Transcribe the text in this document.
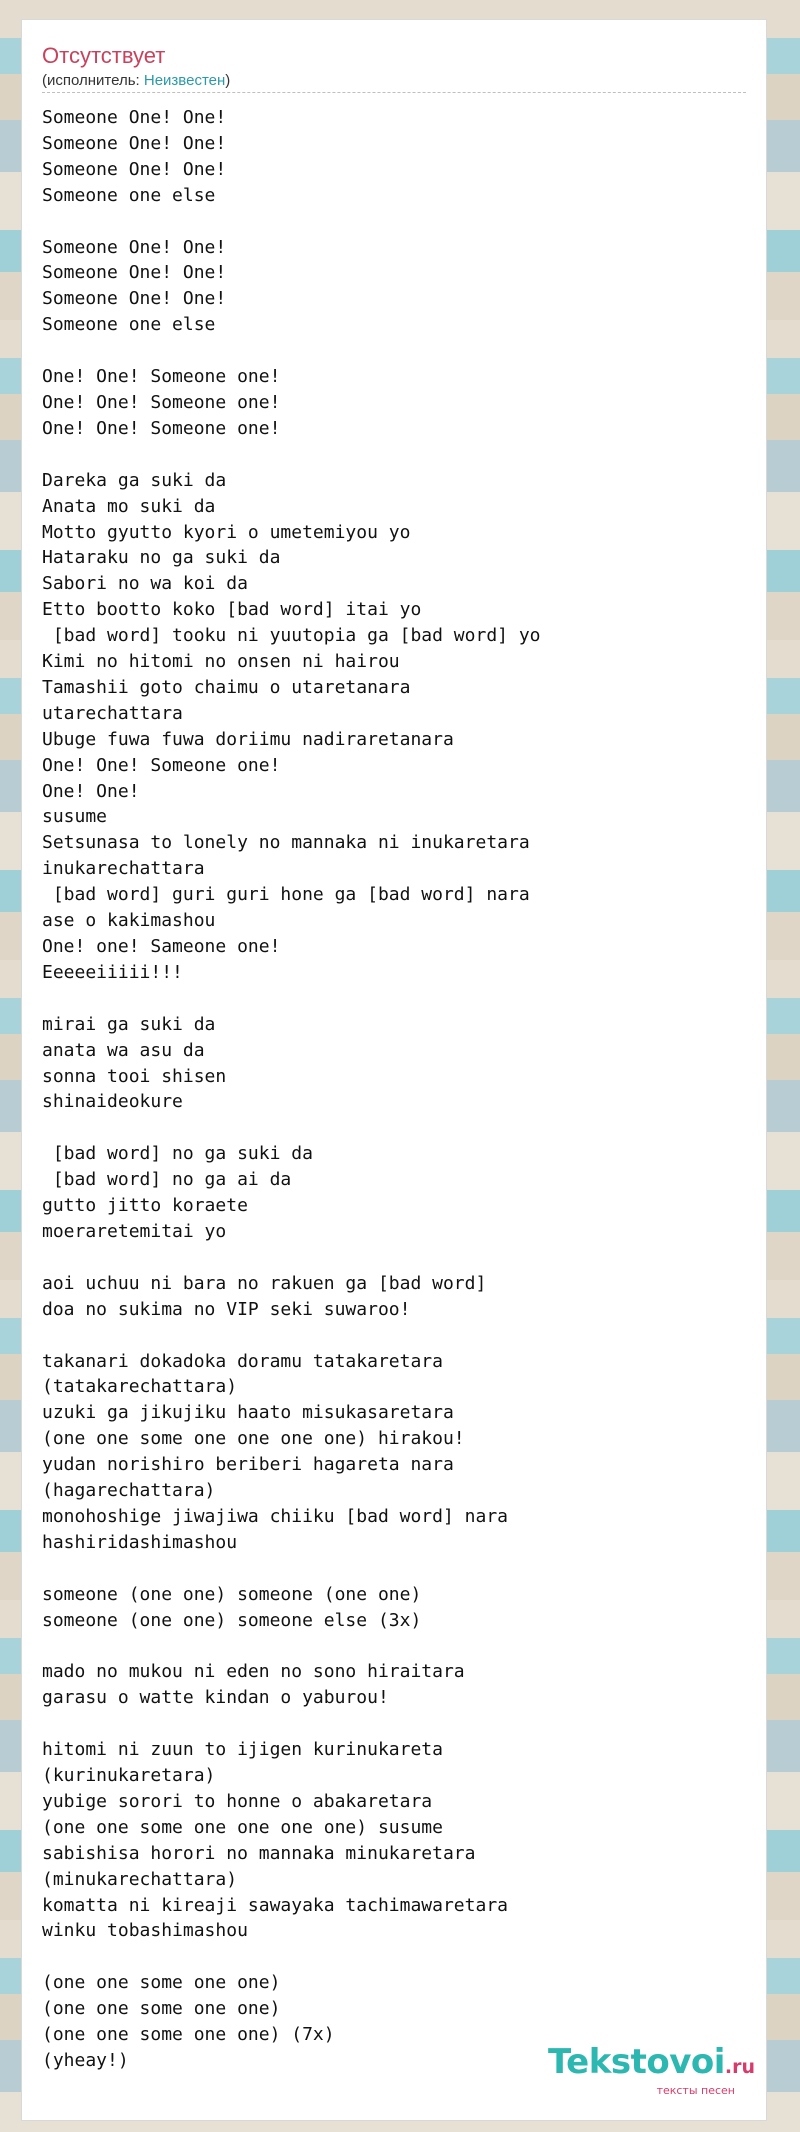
Отсутствует

(исполнитель: Неизвестен)

Someone One! One!
Someone One! One!
Someone One! One!
Someone one else

Someone One! One!
Someone One! One!
Someone One! One!
Someone one else

One! One! Someone one!
One! One! Someone one!
One! One! Someone one!

Dareka ga suki da
Anata mo suki da
Motto gyutto kyori o umetemiyou yo
Hataraku no ga suki da
Sabori no wa koi da
Etto bootto koko [bad word] itai yo
[bad word] tooku ni yuutopia ga [bad word] yo
Kimi no hitomi no onsen ni hairou
Tamashii goto chaimu o utaretanara
utarechattara
Ubuge fuwa fuwa doriimu nadiraretanara
One! One! Someone one!
One! One!
susume
Setsunasa to lonely no mannaka ni inukaretara
inukarechattara
[bad word] guri guri hone ga [bad word] nara
ase o kakimashou
One! one! Sameone one!
Eeeeeiiiii!!!

mirai ga suki da
anata wa asu da
sonna tooi shisen
shinaideokure

[bad word] no ga suki da
[bad word] no ga ai da
gutto jitto koraete
moeraretemitai yo

aoi uchuu ni bara no rakuen ga [bad word]
doa no sukima no VIP seki suwaroo!

takanari dokadoka doramu tatakaretara
(tatakarechattara)
uzuki ga jikujiku haato misukasaretara
(one one some one one one one) hirakou!
yudan norishiro beriberi hagareta nara
(hagarechattara)
monohoshige jiwajiwa chiiku [bad word] nara
hashiridashimashou

someone (one one) someone (one one)
someone (one one) someone else (3x)

mado no mukou ni eden no sono hiraitara
garasu o watte kindan o yaburou!

hitomi ni zuun to ijigen kurinukareta
(kurinukaretara)
yubige sorori to honne o abakaretara
(one one some one one one one) susume
sabishisa horori no mannaka minukaretara
(minukarechattara)
komatta ni kireaji sawayaka tachimawaretara
winku tobashimashou

(one one some one one)
(one one some one one)
(one one some one one) (7x)
(yheay!)	Tekstovoi.ru
тексты песен
